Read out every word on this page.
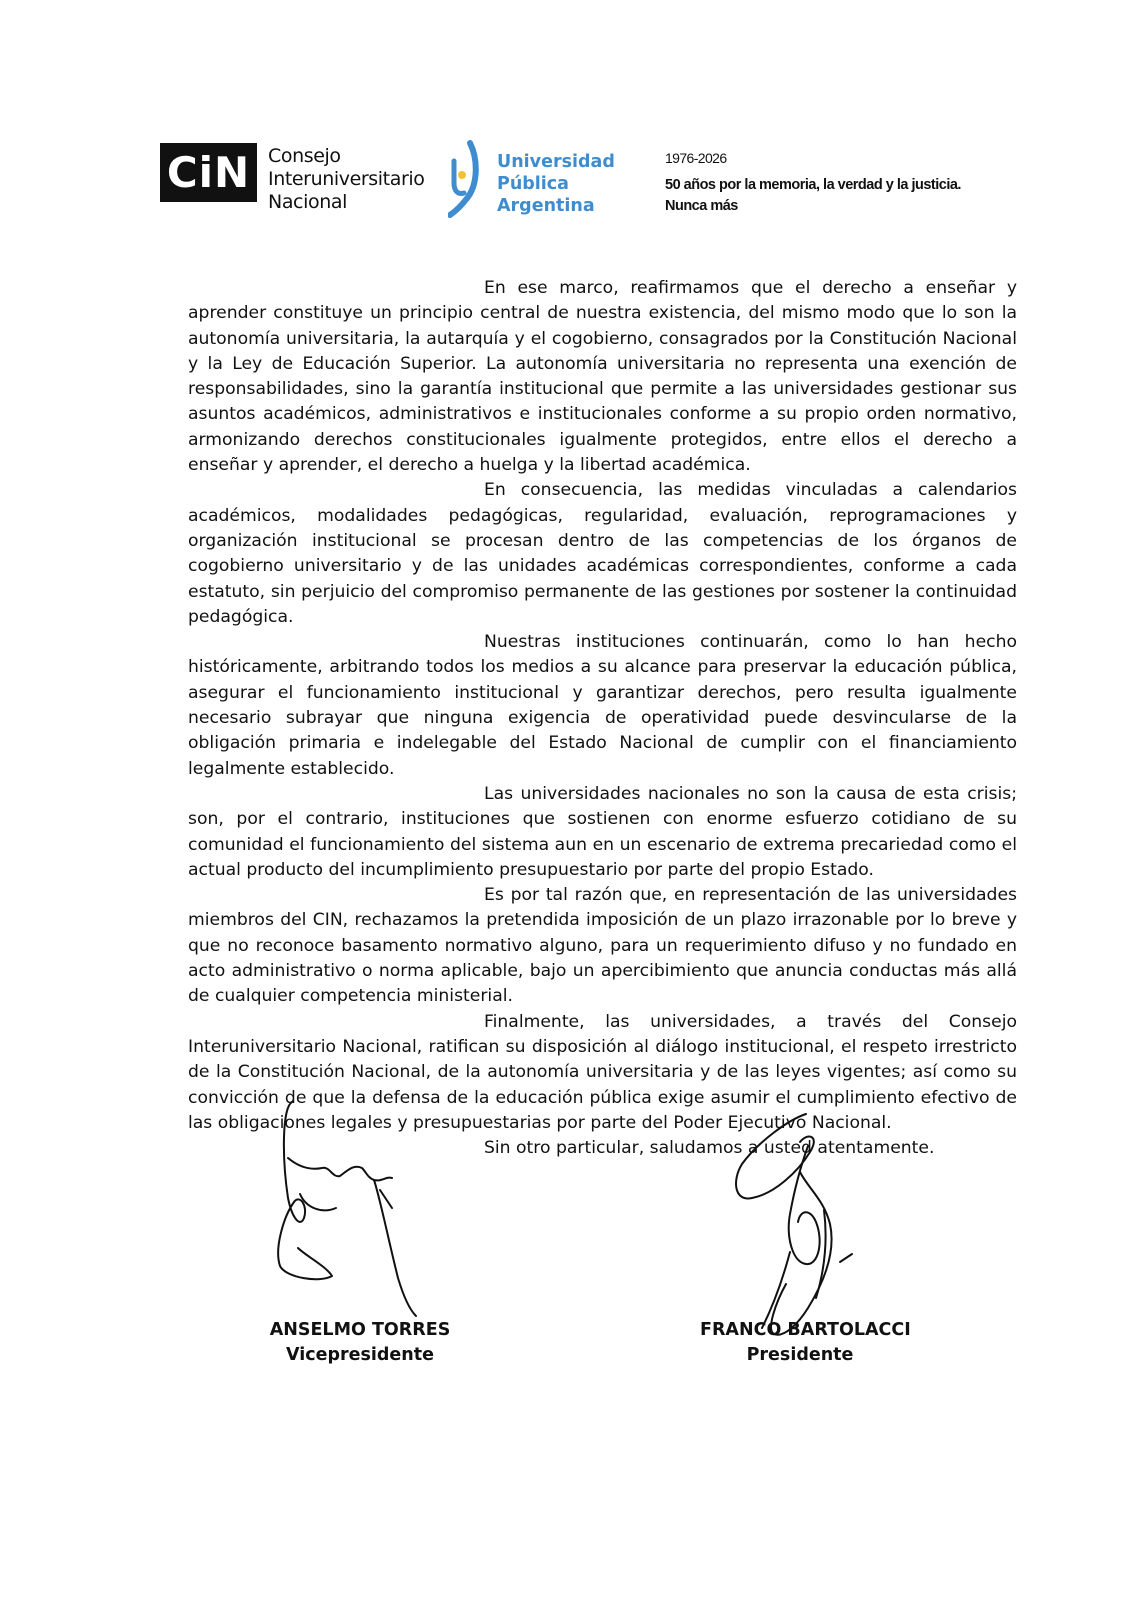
CiN Consejo
Interuniversitario
Nacional
Universidad
Pública
Argentina
1976-2026
50 años por la memoria, la verdad y la justicia.
Nunca más

En ese marco, reafirmamos que el derecho a enseñar y aprender constituye un principio central de nuestra existencia, del mismo modo que lo son la autonomía universitaria, la autarquía y el cogobierno, consagrados por la Constitución Nacional y la Ley de Educación Superior. La autonomía universitaria no representa una exención de responsabilidades, sino la garantía institucional que permite a las universidades gestionar sus asuntos académicos, administrativos e institucionales conforme a su propio orden normativo, armonizando derechos constitucionales igualmente protegidos, entre ellos el derecho a enseñar y aprender, el derecho a huelga y la libertad académica.

En consecuencia, las medidas vinculadas a calendarios académicos, modalidades pedagógicas, regularidad, evaluación, reprogramaciones y organización institucional se procesan dentro de las competencias de los órganos de cogobierno universitario y de las unidades académicas correspondientes, conforme a cada estatuto, sin perjuicio del compromiso permanente de las gestiones por sostener la continuidad pedagógica.

Nuestras instituciones continuarán, como lo han hecho históricamente, arbitrando todos los medios a su alcance para preservar la educación pública, asegurar el funcionamiento institucional y garantizar derechos, pero resulta igualmente necesario subrayar que ninguna exigencia de operatividad puede desvincularse de la obligación primaria e indelegable del Estado Nacional de cumplir con el financiamiento legalmente establecido.

Las universidades nacionales no son la causa de esta crisis; son, por el contrario, instituciones que sostienen con enorme esfuerzo cotidiano de su comunidad el funcionamiento del sistema aun en un escenario de extrema precariedad como el actual producto del incumplimiento presupuestario por parte del propio Estado.

Es por tal razón que, en representación de las universidades miembros del CIN, rechazamos la pretendida imposición de un plazo irrazonable por lo breve y que no reconoce basamento normativo alguno, para un requerimiento difuso y no fundado en acto administrativo o norma aplicable, bajo un apercibimiento que anuncia conductas más allá de cualquier competencia ministerial.

Finalmente, las universidades, a través del Consejo Interuniversitario Nacional, ratifican su disposición al diálogo institucional, el respeto irrestricto de la Constitución Nacional, de la autonomía universitaria y de las leyes vigentes; así como su convicción de que la defensa de la educación pública exige asumir el cumplimiento efectivo de las obligaciones legales y presupuestarias por parte del Poder Ejecutivo Nacional.

Sin otro particular, saludamos a usted atentamente.

ANSELMO TORRES
Vicepresidente
FRANCO BARTOLACCI
Presidente
